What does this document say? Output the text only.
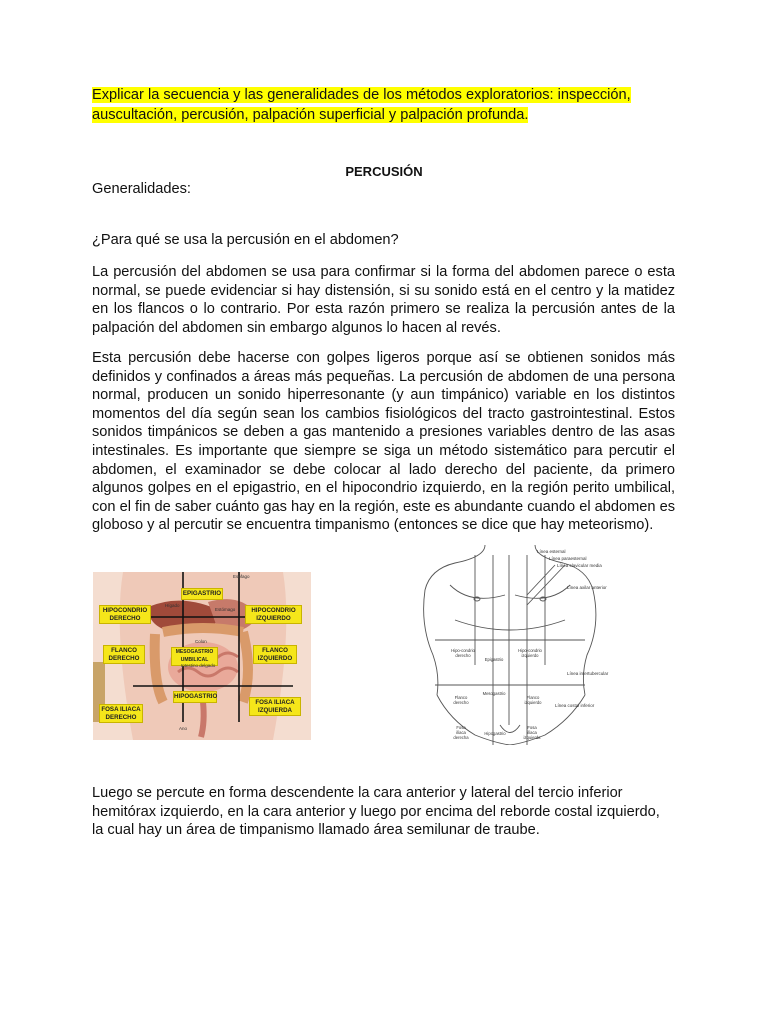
Explicar la secuencia y las generalidades de los métodos exploratorios: inspección, auscultación, percusión, palpación superficial y palpación profunda.
PERCUSIÓN
Generalidades:
¿Para qué se usa la percusión en el abdomen?

La percusión del abdomen se usa para confirmar si la forma del abdomen parece o esta normal, se puede evidenciar si hay distensión, si su sonido está en el centro y la matidez en los flancos o lo contrario. Por esta razón primero se realiza la percusión antes de la palpación del abdomen sin embargo algunos lo hacen al revés.

Esta percusión debe hacerse con golpes ligeros porque así se obtienen sonidos más definidos y confinados a áreas más pequeñas. La percusión de abdomen de una persona normal, producen un sonido hiperresonante (y aun timpánico) variable en los distintos momentos del día según sean los cambios fisiológicos del tracto gastrointestinal. Estos sonidos timpánicos se deben a gas mantenido a presiones variables dentro de las asas intestinales. Es importante que siempre se siga un método sistemático para percutir el abdomen, el examinador se debe colocar al lado derecho del paciente, da primero algunos golpes en el epigastrio, en el hipocondrio izquierdo, en la región perito umbilical, con el fin de saber cuánto gas hay en la región, este es abundante cuando el abdomen es globoso y al percutir se encuentra timpanismo (entonces se dice que hay meteorismo).

EPIGASTRIO
HIPOCONDRIO DERECHO
HIPOCONDRIO IZQUIERDO
FLANCO DERECHO
MESOGASTRIO UMBILICAL
FLANCO IZQUIERDO
HIPOGASTRIO
FOSA ILIACA DERECHO
FOSA ILIACA IZQUIERDA
Esófago
Hígado
Estómago
Colon
Intestino delgado
Ano
Línea esternal
Línea paraesternal
Línea clavicular media
Línea axilar anterior
Línea intertubercular
Línea costal inferior
Hipo-condrio derecho
Epigastrio
Hipo-condrio izquierdo
Flanco derecho
Mesogastrio
Flanco izquierdo
Fosa ilíaca derecha
Hipogastrio
Fosa ilíaca izquierda

Luego se percute en forma descendente la cara anterior y lateral del tercio inferior hemitórax izquierdo, en la cara anterior y luego por encima del reborde costal izquierdo, la cual hay un área de timpanismo llamado área semilunar de traube.
